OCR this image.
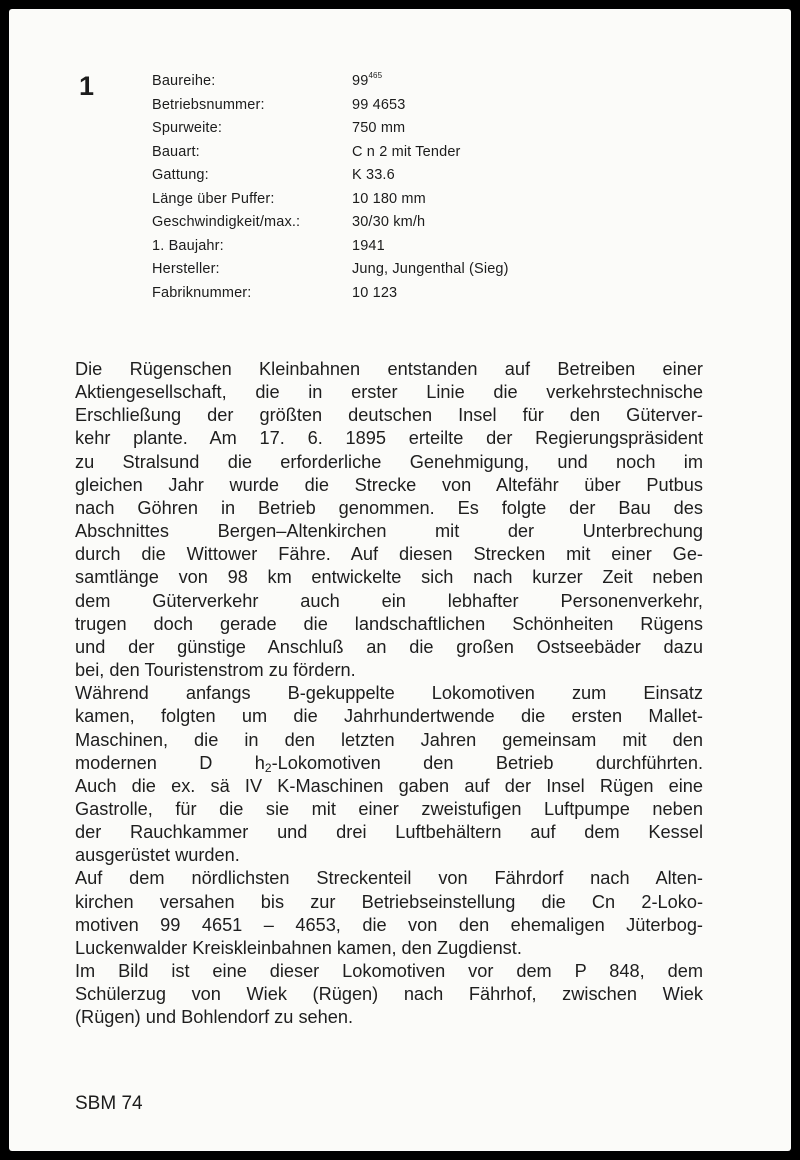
1	Baureihe:	$99^{465}$
Betriebsnummer:	99 4653
Spurweite:	750 mm
Bauart:	C n 2 mit Tender
Gattung:	K 33.6
Länge über Puffer:	10 180 mm
Geschwindigkeit/max.:	30/30 km/h
1. Baujahr:	1941
Hersteller:	Jung, Jungenthal (Sieg)
Fabriknummer:	10 123
Die Rügenschen Kleinbahnen entstanden auf Betreiben einer
Aktiengesellschaft, die in erster Linie die verkehrstechnische
Erschließung der größten deutschen Insel für den Güterver-
kehr plante. Am 17. 6. 1895 erteilte der Regierungspräsident
zu Stralsund die erforderliche Genehmigung, und noch im
gleichen Jahr wurde die Strecke von Altefähr über Putbus
nach Göhren in Betrieb genommen. Es folgte der Bau des
Abschnittes Bergen–Altenkirchen mit der Unterbrechung
durch die Wittower Fähre. Auf diesen Strecken mit einer Ge-
samtlänge von 98 km entwickelte sich nach kurzer Zeit neben
dem Güterverkehr auch ein lebhafter Personenverkehr,
trugen doch gerade die landschaftlichen Schönheiten Rügens
und der günstige Anschluß an die großen Ostseebäder dazu
bei, den Touristenstrom zu fördern.
Während anfangs B-gekuppelte Lokomotiven zum Einsatz
kamen, folgten um die Jahrhundertwende die ersten Mallet-
Maschinen, die in den letzten Jahren gemeinsam mit den
modernen D $h_2$-Lokomotiven den Betrieb durchführten.
Auch die ex. sä IV K-Maschinen gaben auf der Insel Rügen eine
Gastrolle, für die sie mit einer zweistufigen Luftpumpe neben
der Rauchkammer und drei Luftbehältern auf dem Kessel
ausgerüstet wurden.
Auf dem nördlichsten Streckenteil von Fährdorf nach Alten-
kirchen versahen bis zur Betriebseinstellung die Cn 2-Loko-
motiven 99 4651 – 4653, die von den ehemaligen Jüterbog-
Luckenwalder Kreiskleinbahnen kamen, den Zugdienst.
Im Bild ist eine dieser Lokomotiven vor dem P 848, dem
Schülerzug von Wiek (Rügen) nach Fährhof, zwischen Wiek
(Rügen) und Bohlendorf zu sehen.
SBM 74
